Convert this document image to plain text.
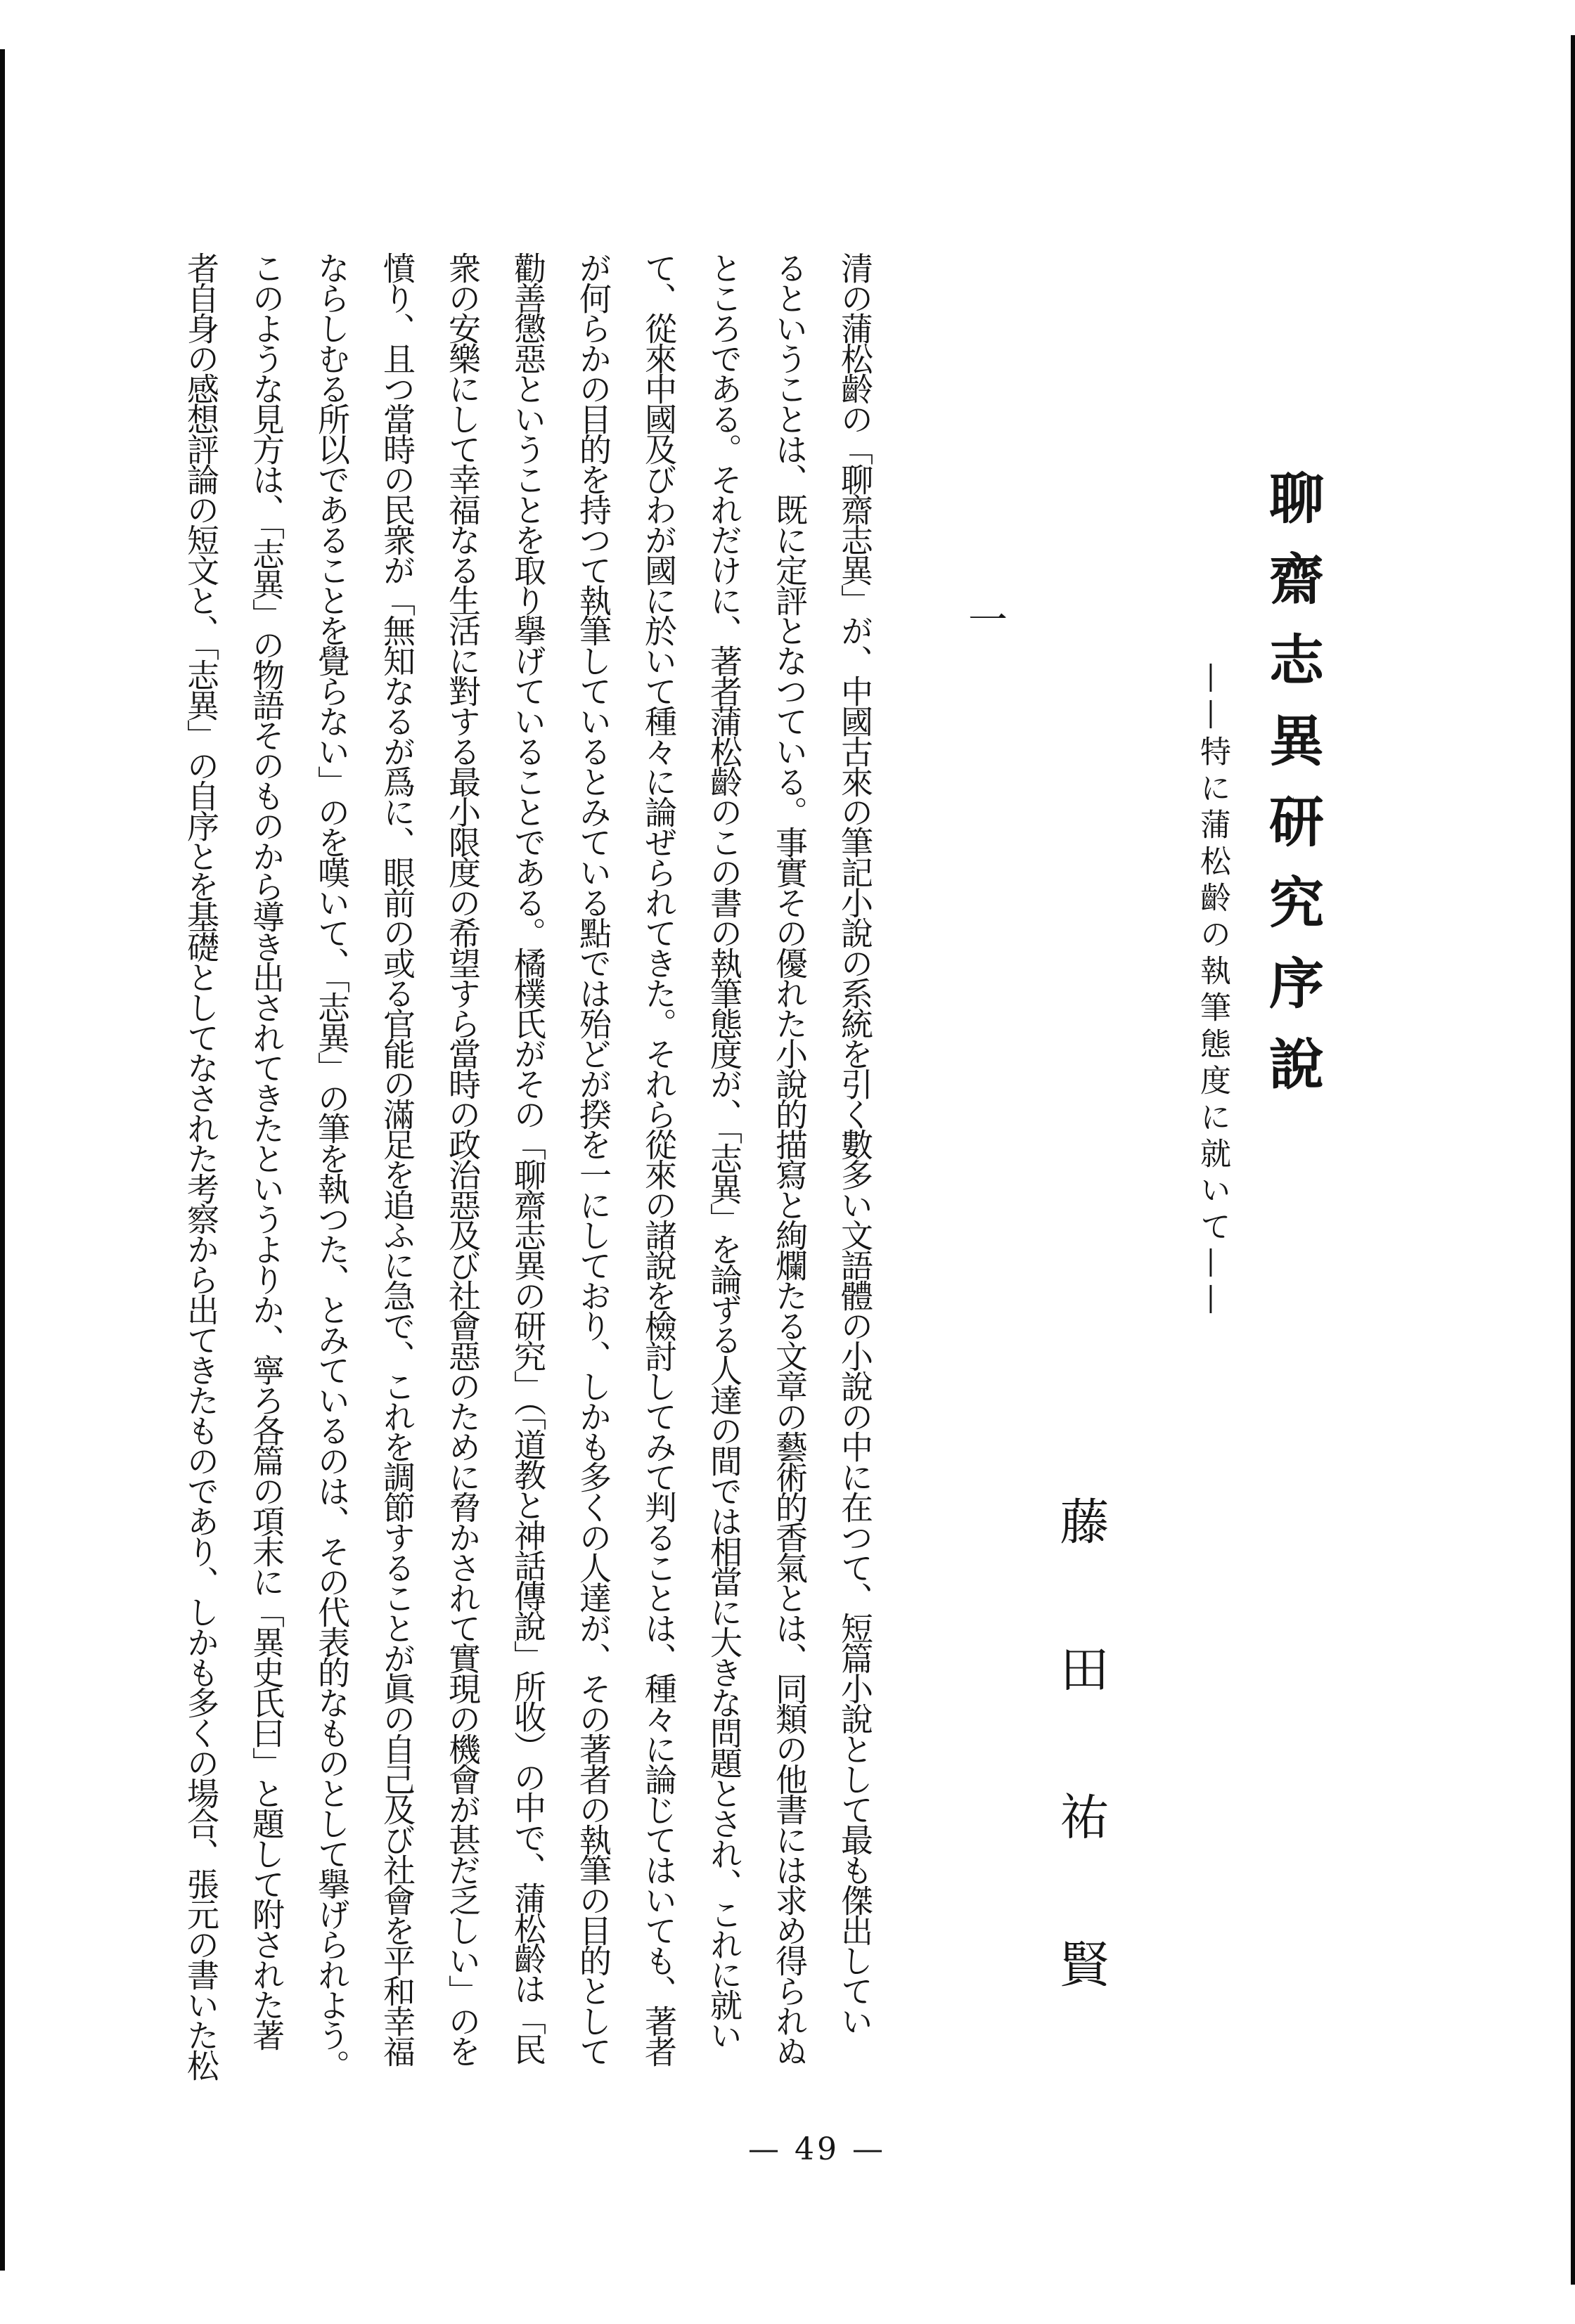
聊齋志異研究序說
——特に蒲松齡の執筆態度に就いて——
藤田祐賢
一
清の蒲松齡の「聊齋志異」が、中國古來の筆記小說の系統を引く數多い文語體の小說の中に在つて、短篇小說として最も傑出してい
るということは、既に定評となつている。事實その優れた小說的描寫と絢爛たる文章の藝術的香氣とは、同類の他書には求め得られぬ
ところである。それだけに、著者蒲松齡のこの書の執筆態度が、「志異」を論ずる人達の間では相當に大きな問題とされ、これに就い
て、從來中國及びわが國に於いて種々に論ぜられてきた。それら從來の諸說を檢討してみて判ることは、種々に論じてはいても、著者
が何らかの目的を持つて執筆しているとみている點では殆どが揆を一にしており、しかも多くの人達が、その著者の執筆の目的として
勸善懲惡ということを取り擧げていることである。橘樸氏がその「聊齋志異の研究」（「道教と神話傳說」所收）の中で、蒲松齡は「民
衆の安樂にして幸福なる生活に對する最小限度の希望すら當時の政治惡及び社會惡のために脅かされて實現の機會が甚だ乏しい」のを
憤り、且つ當時の民衆が「無知なるが爲に、眼前の或る官能の滿足を追ふに急で、これを調節することが眞の自己及び社會を平和幸福
ならしむる所以であることを覺らない」のを嘆いて、「志異」の筆を執つた、とみているのは、その代表的なものとして擧げられよう。
このような見方は、「志異」の物語そのものから導き出されてきたというよりか、寧ろ各篇の項末に「異史氏曰」と題して附された著
者自身の感想評論の短文と、「志異」の自序とを基礎としてなされた考察から出てきたものであり、しかも多くの場合、張元の書いた松
— 49 —
